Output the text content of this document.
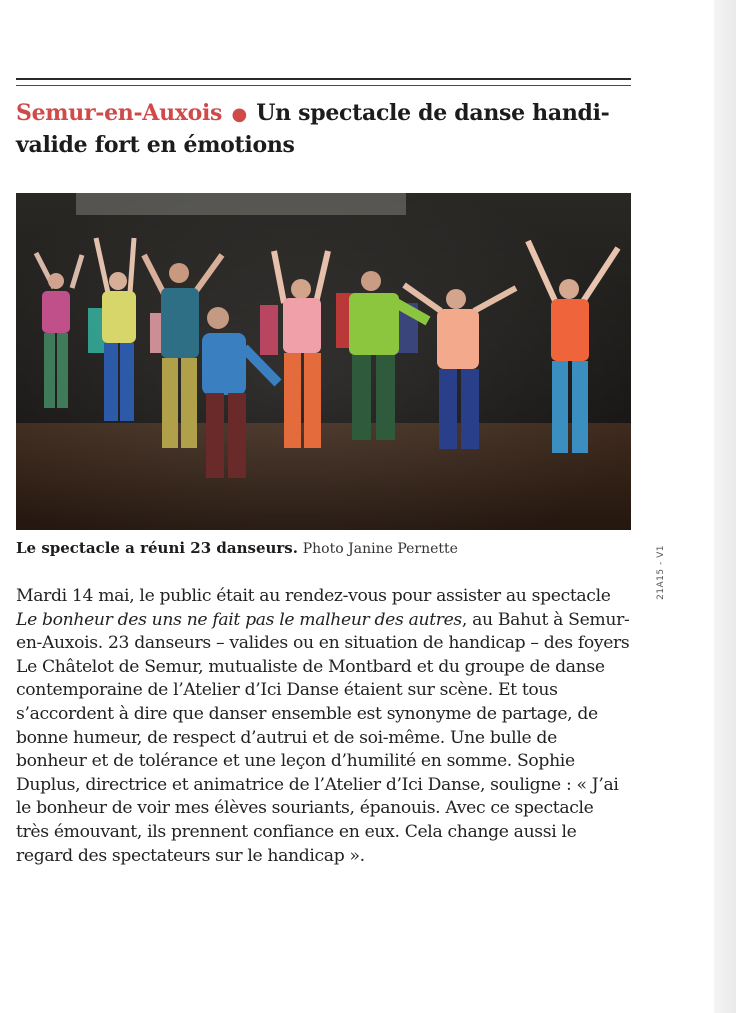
Semur-en-Auxois ● Un spectacle de danse handi-valide fort en émotions

Le spectacle a réuni 23 danseurs. Photo Janine Pernette	21A15 - V1

Mardi 14 mai, le public était au rendez-vous pour assister au spectacle Le bonheur des uns ne fait pas le malheur des autres, au Bahut à Semur-en-Auxois. 23 danseurs – valides ou en situation de handicap – des foyers Le Châtelot de Semur, mutualiste de Montbard et du groupe de danse contemporaine de l’Atelier d’Ici Danse étaient sur scène. Et tous s’accordent à dire que danser ensemble est synonyme de partage, de bonne humeur, de respect d’autrui et de soi-même. Une bulle de bonheur et de tolérance et une leçon d’humilité en somme. Sophie Duplus, directrice et animatrice de l’Atelier d’Ici Danse, souligne : « J’ai le bonheur de voir mes élèves souriants, épanouis. Avec ce spectacle très émouvant, ils prennent confiance en eux. Cela change aussi le regard des spectateurs sur le handicap ».
